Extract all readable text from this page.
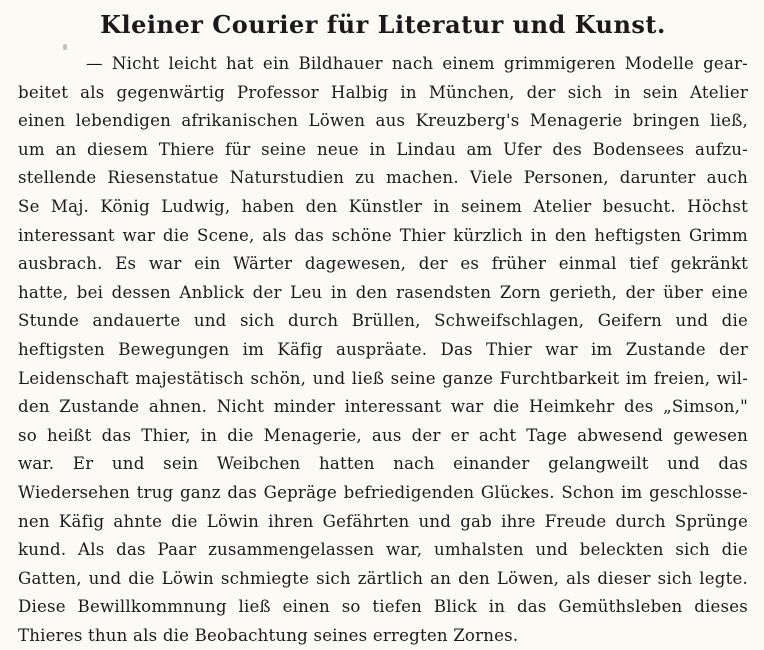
Kleiner Courier für Literatur und Kunst.
— Nicht leicht hat ein Bildhauer nach einem grimmigeren Modelle gear-
beitet als gegenwärtig Professor Halbig in München, der sich in sein Atelier
einen lebendigen afrikanischen Löwen aus Kreuzberg's Menagerie bringen ließ,
um an diesem Thiere für seine neue in Lindau am Ufer des Bodensees aufzu-
stellende Riesenstatue Naturstudien zu machen. Viele Personen, darunter auch
Se Maj. König Ludwig, haben den Künstler in seinem Atelier besucht. Höchst
interessant war die Scene, als das schöne Thier kürzlich in den heftigsten Grimm
ausbrach. Es war ein Wärter dagewesen, der es früher einmal tief gekränkt
hatte, bei dessen Anblick der Leu in den rasendsten Zorn gerieth, der über eine
Stunde andauerte und sich durch Brüllen, Schweifschlagen, Geifern und die
heftigsten Bewegungen im Käfig auspräate. Das Thier war im Zustande der
Leidenschaft majestätisch schön, und ließ seine ganze Furchtbarkeit im freien, wil-
den Zustande ahnen. Nicht minder interessant war die Heimkehr des „Simson,"
so heißt das Thier, in die Menagerie, aus der er acht Tage abwesend gewesen
war. Er und sein Weibchen hatten nach einander gelangweilt und das
Wiedersehen trug ganz das Gepräge befriedigenden Glückes. Schon im geschlosse-
nen Käfig ahnte die Löwin ihren Gefährten und gab ihre Freude durch Sprünge
kund. Als das Paar zusammengelassen war, umhalsten und beleckten sich die
Gatten, und die Löwin schmiegte sich zärtlich an den Löwen, als dieser sich legte.
Diese Bewillkommnung ließ einen so tiefen Blick in das Gemüthsleben dieses
Thieres thun als die Beobachtung seines erregten Zornes.
